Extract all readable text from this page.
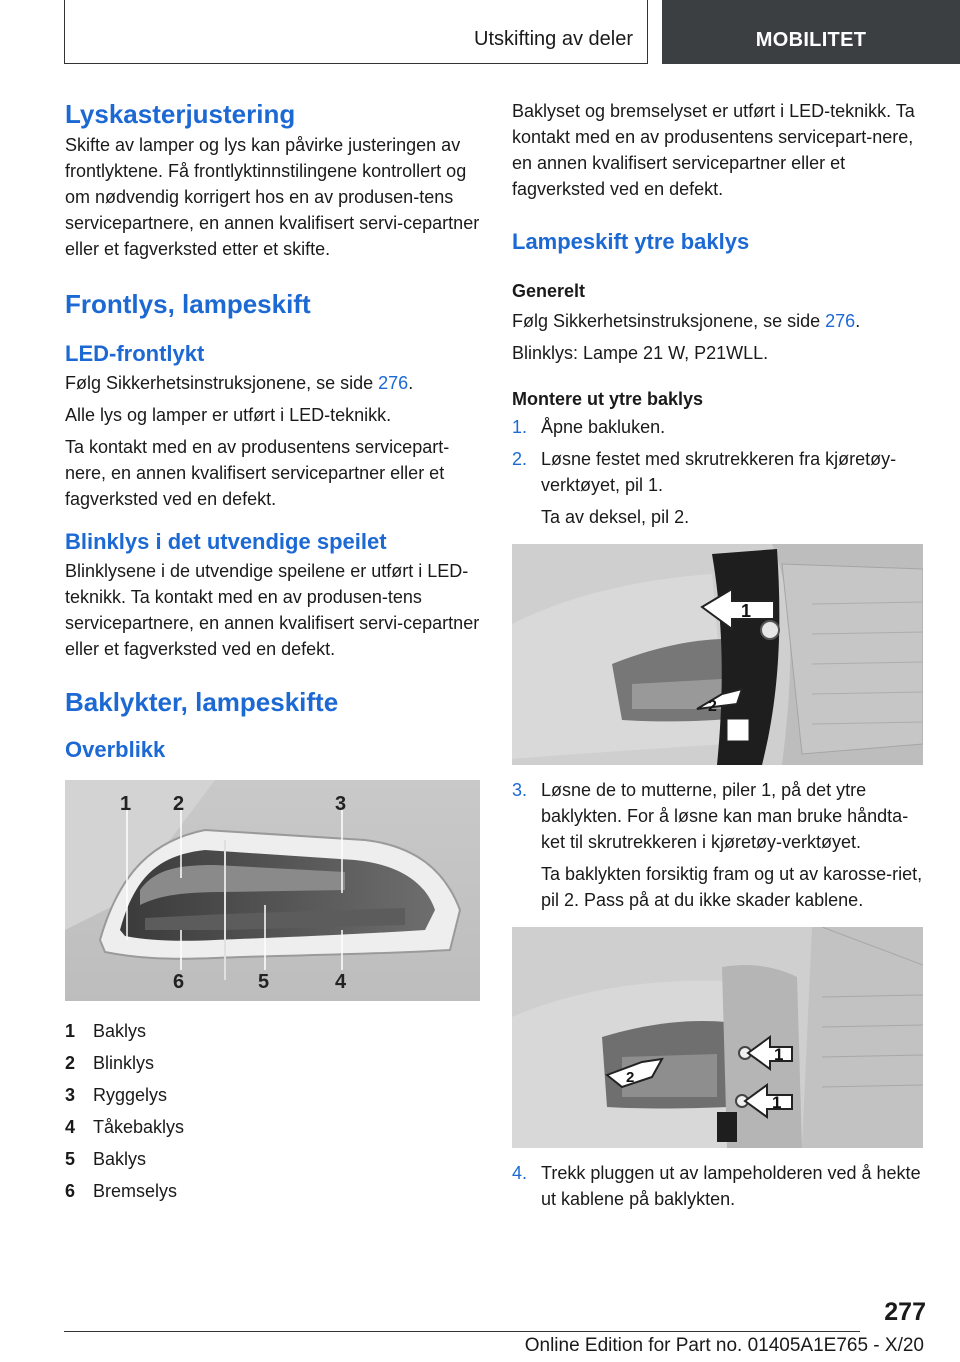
Utskifting av deler	MOBILITET
Lyskasterjustering

Skifte av lamper og lys kan påvirke justeringen av frontlyktene. Få frontlyktinnstilingene kontrollert og om nødvendig korrigert hos en av produsen-tens servicepartnere, en annen kvalifisert servi-cepartner eller et fagverksted etter et skifte.

Frontlys, lampeskift
LED-frontlykt

Følg Sikkerhetsinstruksjonene, se side 276.

Alle lys og lamper er utført i LED-teknikk.

Ta kontakt med en av produsentens servicepart-nere, en annen kvalifisert servicepartner eller et fagverksted ved en defekt.

Blinklys i det utvendige speilet

Blinklysene i de utvendige speilene er utført i LED-teknikk. Ta kontakt med en av produsen-tens servicepartnere, en annen kvalifisert servi-cepartner eller et fagverksted ved en defekt.

Baklykter, lampeskifte
Overblikk
1 2	3
4
5
6
1 Baklys
2 Blinklys
3 Ryggelys
4 Tåkebaklys
5 Baklys
6 Bremselys

Baklyset og bremselyset er utført i LED-teknikk. Ta kontakt med en av produsentens servicepart-nere, en annen kvalifisert servicepartner eller et fagverksted ved en defekt.

Lampeskift ytre baklys
Generelt

Følg Sikkerhetsinstruksjonene, se side 276.

Blinklys: Lampe 21 W, P21WLL.

Montere ut ytre baklys
1. Åpne bakluken.
2. Løsne festet med skrutrekkeren fra kjøretøy-verktøyet, pil 1.
Ta av deksel, pil 2.
1
2
3. Løsne de to mutterne, piler 1, på det ytre baklykten. For å løsne kan man bruke håndta-ket til skrutrekkeren i kjøretøy-verktøyet.
Ta baklykten forsiktig fram og ut av karosse-riet, pil 2. Pass på at du ikke skader kablene.
1
1
2
4. Trekk pluggen ut av lampeholderen ved å hekte ut kablene på baklykten.
277
Online Edition for Part no. 01405A1E765 - X/20
